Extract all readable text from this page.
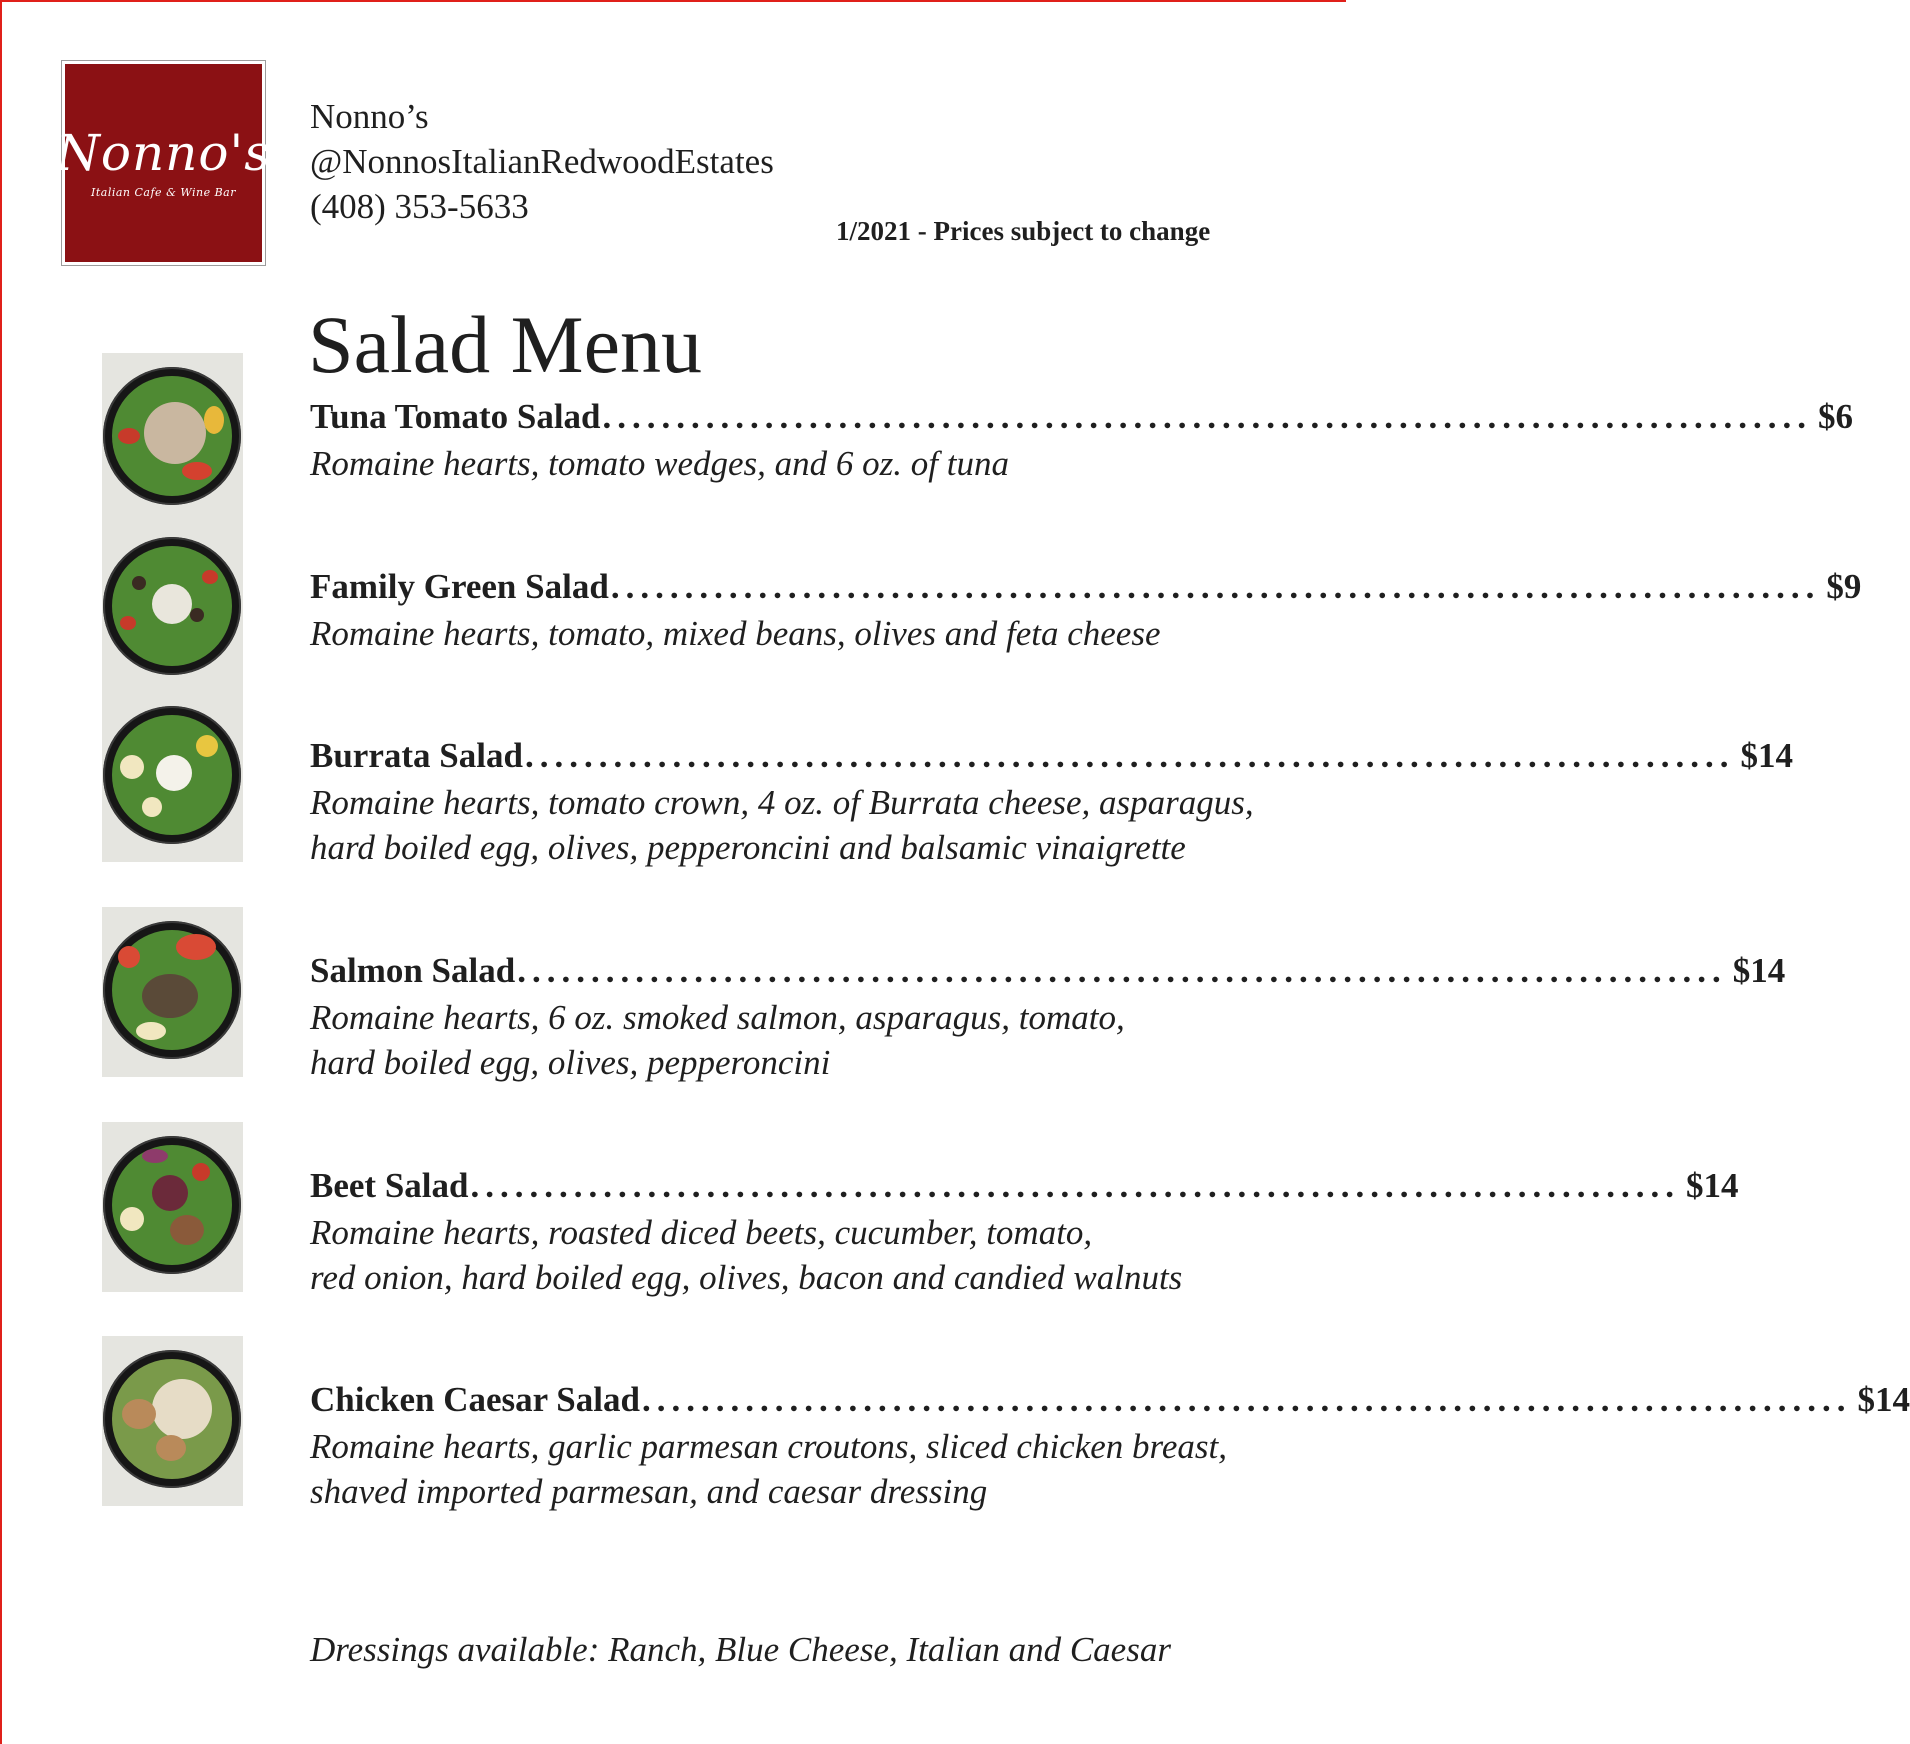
Nonno's
Italian Cafe & Wine Bar
Nonno’s
@NonnosItalianRedwoodEstates
(408) 353-5633
1/2021 - Prices subject to change
Salad Menu
Tuna Tomato Salad .................................................................................. $6
Romaine hearts, tomato wedges, and 6 oz. of tuna
Family Green Salad .................................................................................. $9
Romaine hearts, tomato, mixed beans, olives and feta cheese
Burrata Salad .................................................................................. $14
Romaine hearts, tomato crown, 4 oz. of Burrata cheese, asparagus,
hard boiled egg, olives, pepperoncini and balsamic vinaigrette
Salmon Salad .................................................................................. $14
Romaine hearts, 6 oz. smoked salmon, asparagus, tomato,
hard boiled egg, olives, pepperoncini
Beet Salad .................................................................................. $14
Romaine hearts, roasted diced beets, cucumber, tomato,
red onion, hard boiled egg, olives, bacon and candied walnuts
Chicken Caesar Salad .................................................................................. $14
Romaine hearts, garlic parmesan croutons, sliced chicken breast,
shaved imported parmesan, and caesar dressing
Dressings available: Ranch, Blue Cheese, Italian and Caesar
